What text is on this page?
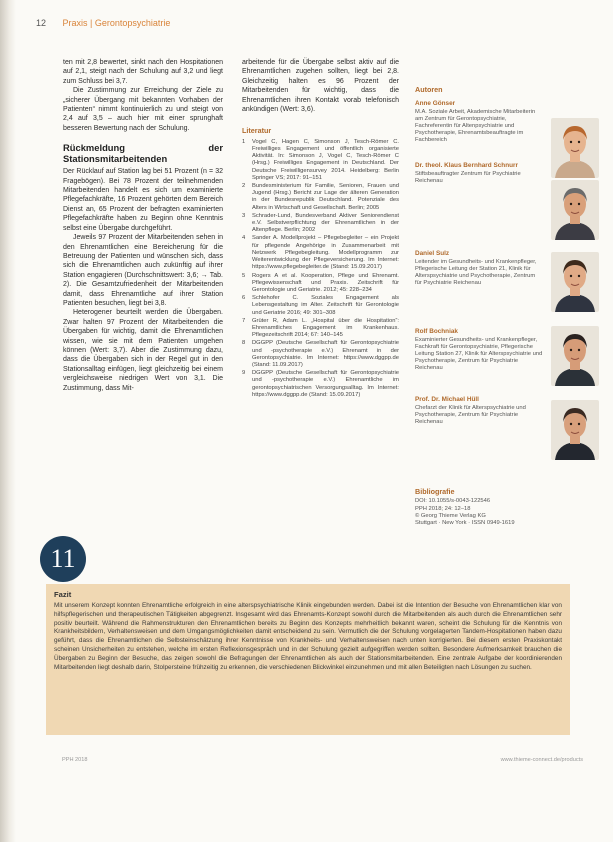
12 Praxis | Gerontopsychiatrie

ten mit 2,8 bewertet, sinkt nach den Hospitationen auf 2,1, steigt nach der Schulung auf 3,2 und liegt zum Schluss bei 3,7.

Die Zustimmung zur Erreichung der Ziele zu „sicherer Übergang mit bekannten Vorhaben der Patienten“ nimmt kontinuierlich zu und steigt von 2,4 auf 3,5 – auch hier mit einer sprunghaft besseren Bewertung nach der Schulung.

Rückmeldung der Stationsmitarbeitenden

Der Rücklauf auf Station lag bei 51 Prozent (n = 32 Fragebögen). Bei 78 Prozent der teilnehmenden Mitarbeitenden handelt es sich um examinierte Pflegefachkräfte, 16 Prozent gehörten dem Bereich Dienst an, 65 Prozent der befragten examinierten Pflegefachkräfte haben zu Beginn ohne Kenntnis selbst eine Übergabe durchgeführt.

Jeweils 97 Prozent der Mitarbeitenden sehen in den Ehrenamtlichen eine Bereicherung für die Betreuung der Patienten und wünschen sich, dass sich die Ehrenamtlichen auch zukünftig auf ihrer Station engagieren (Durchschnittswert: 3,6; → Tab. 2). Die Gesamtzufriedenheit der Mitarbeitenden damit, dass Ehrenamtliche auf ihrer Station Patienten besuchen, liegt bei 3,8.

Heterogener beurteilt werden die Übergaben. Zwar halten 97 Prozent der Mitarbeitenden die Übergaben für wichtig, damit die Ehrenamtlichen wissen, wie sie mit dem Patienten umgehen können (Wert: 3,7). Aber die Zustimmung dazu, dass die Übergaben sich in der Regel gut in den Stationsalltag einfügen, liegt gleichzeitig bei einem vergleichsweise niedrigen Wert von 3,1. Die Zustimmung, dass Mit-

arbeitende für die Übergabe selbst aktiv auf die Ehrenamtlichen zugehen sollten, liegt bei 2,8. Gleichzeitig halten es 96 Prozent der Mitarbeitenden für wichtig, dass die Ehrenamtlichen ihren Kontakt vorab telefonisch ankündigen (Wert: 3,6).

Literatur
1 Vogel C, Hagen C, Simonson J, Tesch-Römer C. Freiwilliges Engagement und öffentlich organisierte Aktivität. In: Simonson J, Vogel C, Tesch-Römer C (Hrsg.) Freiwilliges Engagement in Deutschland. Der Deutsche Freiwilligensurvey 2014. Heidelberg: Berlin Springer VS; 2017: 91–151
2 Bundesministerium für Familie, Senioren, Frauen und Jugend (Hrsg.) Bericht zur Lage der älteren Generation in der Bundesrepublik Deutschland. Potenziale des Alters in Wirtschaft und Gesellschaft. Berlin; 2005
3 Schrader-Lund, Bundesverband Aktiver Seniorendienst e.V. Selbstverpflichtung der Ehrenamtlichen in der Altenpflege. Berlin; 2002
4 Sander A. Modellprojekt – Pflegebegleiter – ein Projekt für pflegende Angehörige in Zusammenarbeit mit Netzwerk Pflegebegleitung. Modellprogramm zur Weiterentwicklung der Pflegeversicherung. Im Internet: https://www.pflegebegleiter.de (Stand: 15.09.2017)
5 Rogers A et al. Kooperation, Pflege und Ehrenamt. Pflegewissenschaft und Praxis. Zeitschrift für Gerontologie und Geriatrie. 2012; 45: 228–234
6 Schlehofer C. Soziales Engagement als Lebensgestaltung im Alter. Zeitschrift für Gerontologie und Geriatrie 2016; 49: 301–308
7 Grüter R, Adam L. „Hospital über die Hospitation“: Ehrenamtliches Engagement im Krankenhaus. Pflegezeitschrift 2014; 67: 140–145
8 DGGPP (Deutsche Gesellschaft für Gerontopsychiatrie und -psychotherapie e.V.) Ehrenamt in der Gerontopsychiatrie. Im Internet: https://www.dggpp.de (Stand: 11.09.2017)
9 DGGPP (Deutsche Gesellschaft für Gerontopsychiatrie und -psychotherapie e.V.) Ehrenamtliche im gerontopsychiatrischen Versorgungsalltag. Im Internet: https://www.dggpp.de (Stand: 15.09.2017)
Autoren
Anne Gönser
M.A. Soziale Arbeit, Akademische Mitarbeiterin am Zentrum für Gerontopsychiatrie, Fachreferentin für Altenpsychiatrie und Psychotherapie, Ehrenamtsbeauftragte im Fachbereich
Dr. theol. Klaus Bernhard Schnurr
Stiftsbeauftragter Zentrum für Psychiatrie Reichenau
Daniel Sulz
Leitender im Gesundheits- und Krankenpfleger, Pflegerische Leitung der Station 21, Klinik für Alterspsychiatrie und Psychotherapie, Zentrum für Psychiatrie Reichenau
Rolf Bochniak
Examinierter Gesundheits- und Krankenpfleger, Fachkraft für Gerontopsychiatrie, Pflegerische Leitung Station 27, Klinik für Alterspsychiatrie und Psychotherapie, Zentrum für Psychiatrie Reichenau
Prof. Dr. Michael Hüll
Chefarzt der Klinik für Alterspsychiatrie und Psychotherapie, Zentrum für Psychiatrie Reichenau
Bibliografie
DOI: 10.1055/s-0043-122546
PPH 2018; 24: 12–18
© Georg Thieme Verlag KG
Stuttgart · New York · ISSN 0949-1619
11
Fazit
Mit unserem Konzept konnten Ehrenamtliche erfolgreich in eine alterspsychiatrische Klinik eingebunden werden. Dabei ist die Intention der Besuche von Ehrenamtlichen klar von hilfspflegerischen und therapeutischen Tätigkeiten abgegrenzt. Insgesamt wird das Ehrenamts-Konzept sowohl durch die Mitarbeitenden als auch durch die Ehrenamtlichen sehr positiv beurteilt. Während die Rahmenstrukturen den Ehrenamtlichen bereits zu Beginn des Konzepts mehrheitlich bekannt waren, scheint die Schulung für die Kenntnis von Krankheitsbildern, Verhaltensweisen und dem Umgangsmöglichkeiten damit entscheidend zu sein. Vermutlich die der Schulung vorgelagerten Tandem-Hospitationen haben dazu geführt, dass die Ehrenamtlichen die Selbsteinschätzung ihrer Kenntnisse von Krankheits- und Verhaltensweisen nach unten korrigierten. Bei diesem ersten Praxiskontakt scheinen Unsicherheiten zu entstehen, welche im ersten Reflexionsgespräch und in der Schulung gezielt aufgegriffen werden sollten. Besondere Aufmerksamkeit brauchen die Übergaben zu Beginn der Besuche, das zeigen sowohl die Befragungen der Ehrenamtlichen als auch der Stationsmitarbeitenden. Eine zentrale Aufgabe der koordinierenden Mitarbeitenden liegt deshalb darin, Stolpersteine frühzeitig zu erkennen, die verschiedenen Blickwinkel einzunehmen und mit allen Beteiligten nach Lösungen zu suchen.
PPH 2018	www.thieme-connect.de/products
